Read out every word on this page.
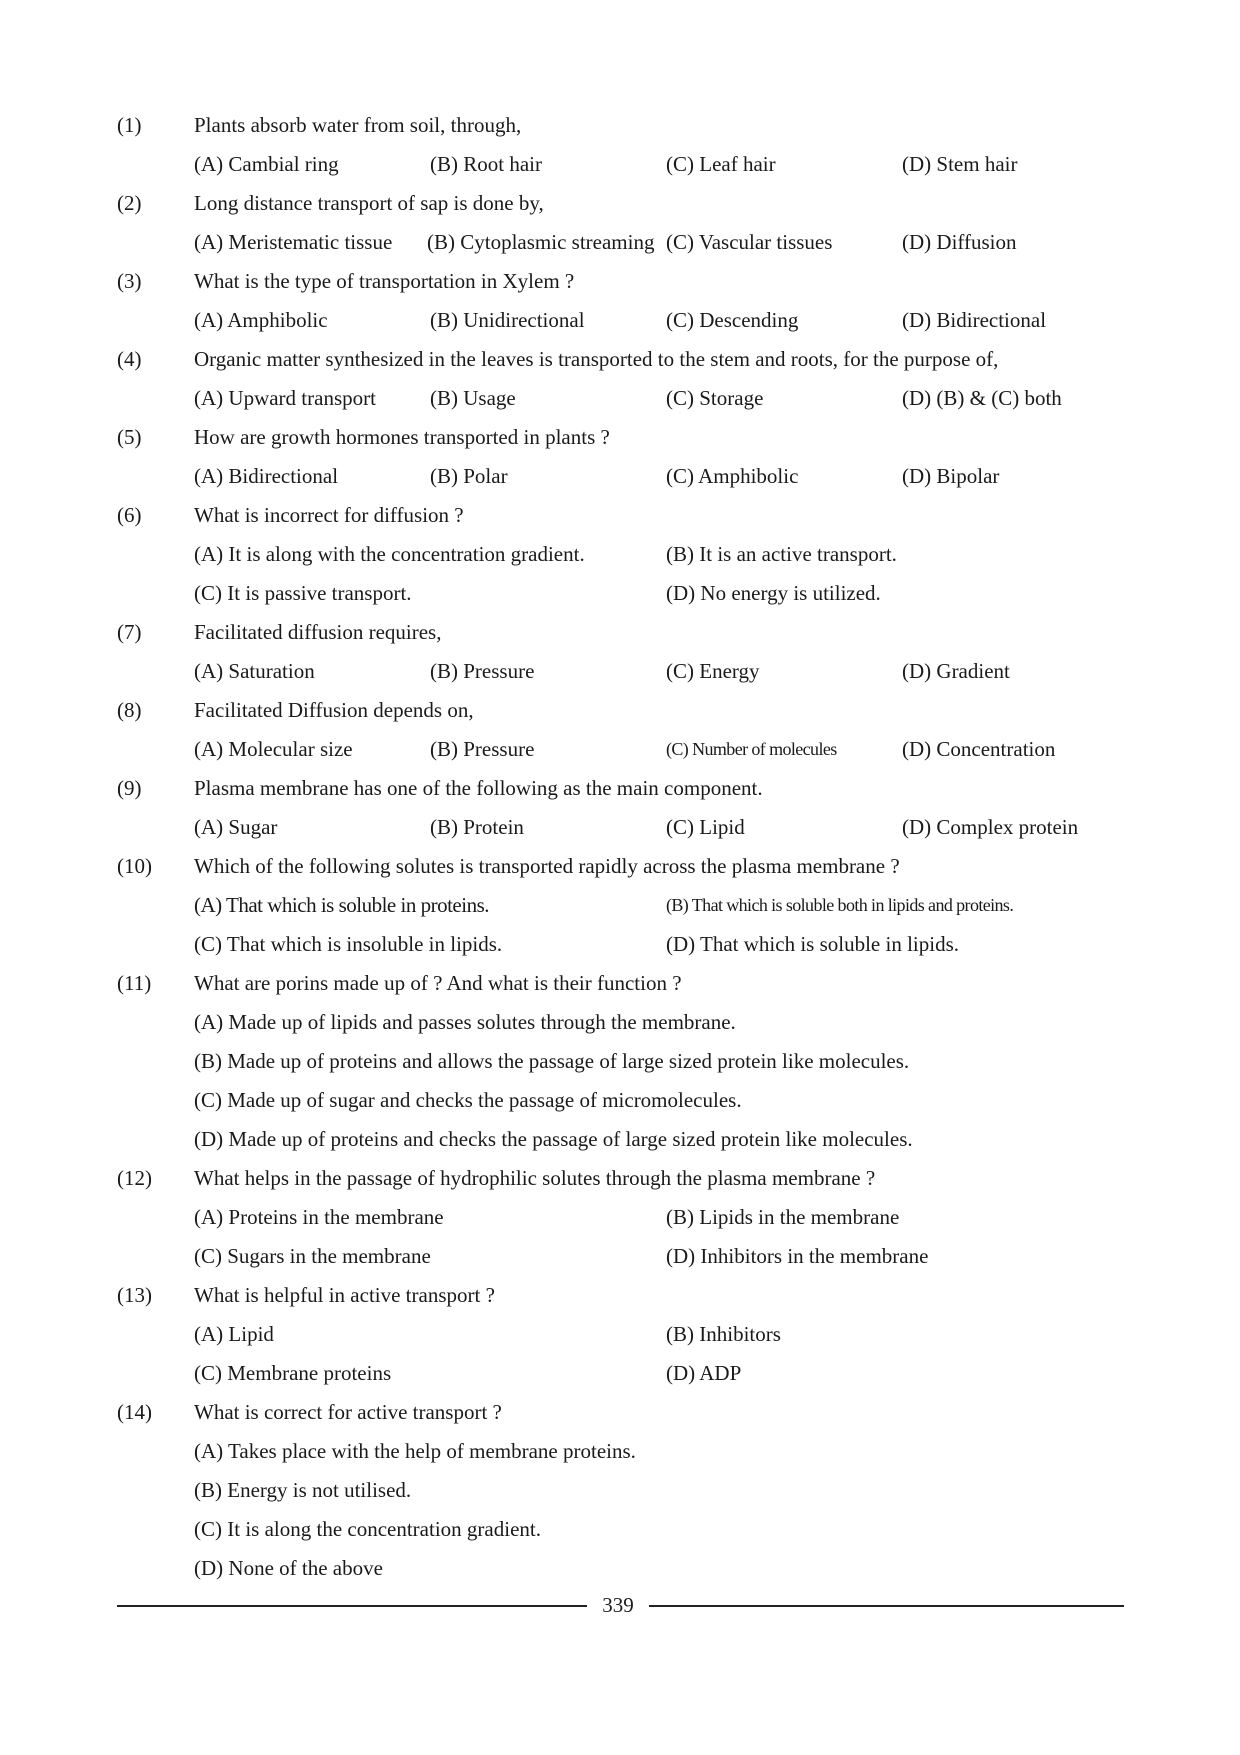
(1)	Plants absorb water from soil, through,
(A) Cambial ring	(B) Root hair	(C) Leaf hair	(D) Stem hair
(2)	Long distance transport of sap is done by,
(A) Meristematic tissue (B) Cytoplasmic streaming (C) Vascular tissues	(D) Diffusion
(3)	What is the type of transportation in Xylem ?
(A) Amphibolic	(B) Unidirectional	(C) Descending	(D) Bidirectional
(4)	Organic matter synthesized in the leaves is transported to the stem and roots, for the purpose of,
(A) Upward transport	(B) Usage	(C) Storage	(D) (B) & (C) both
(5)	How are growth hormones transported in plants ?
(A) Bidirectional	(B) Polar	(C) Amphibolic	(D) Bipolar
(6)	What is incorrect for diffusion ?
(A) It is along with the concentration gradient.	(B) It is an active transport.
(C) It is passive transport.	(D) No energy is utilized.
(7)	Facilitated diffusion requires,
(A) Saturation	(B) Pressure	(C) Energy	(D) Gradient
(8)	Facilitated Diffusion depends on,
(A) Molecular size	(B) Pressure	(C) Number of molecules	(D) Concentration
(9)	Plasma membrane has one of the following as the main component.
(A) Sugar	(B) Protein	(C) Lipid	(D) Complex protein
(10)	Which of the following solutes is transported rapidly across the plasma membrane ?
(A) That which is soluble in proteins.	(B) That which is soluble both in lipids and proteins.
(C) That which is insoluble in lipids.	(D) That which is soluble in lipids.
(11)	What are porins made up of ? And what is their function ?
(A) Made up of lipids and passes solutes through the membrane.
(B) Made up of proteins and allows the passage of large sized protein like molecules.
(C) Made up of sugar and checks the passage of micromolecules.
(D) Made up of proteins and checks the passage of large sized protein like molecules.
(12)	What helps in the passage of hydrophilic solutes through the plasma membrane ?
(A) Proteins in the membrane	(B) Lipids in the membrane
(C) Sugars in the membrane	(D) Inhibitors in the membrane
(13)	What is helpful in active transport ?
(A) Lipid	(B) Inhibitors
(C) Membrane proteins	(D) ADP
(14)	What is correct for active transport ?
(A) Takes place with the help of membrane proteins.
(B) Energy is not utilised.
(C) It is along the concentration gradient.
(D) None of the above
339
